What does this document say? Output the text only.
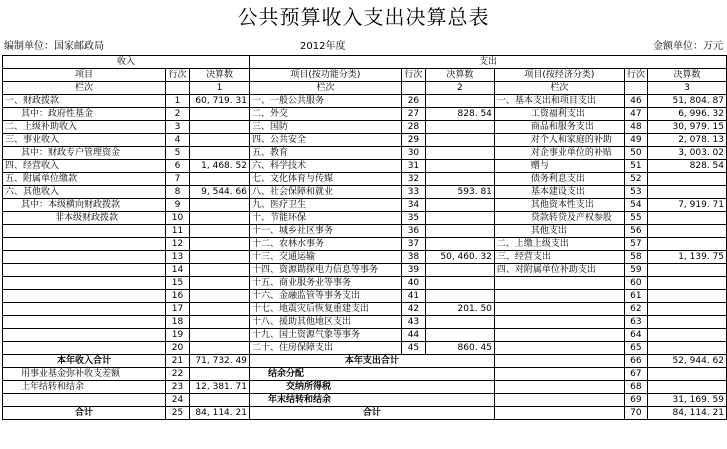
公共预算收入支出决算总表
编制单位：国家邮政局	2012年度	金额单位：万元
收入			支出					
项目	行次	决算数	项目(按功能分类)	行次	决算数	项目(按经济分类)	行次	决算数
栏次		1	栏次		2	栏次		3
一、财政拨款	1	60, 719. 31	一、一般公共服务	26		一、基本支出和项目支出	46	51, 804. 87
其中：政府性基金	2		二、外交	27	828. 54	工资福利支出	47	6, 996. 32
二、上级补助收入	3		三、国防	28		商品和服务支出	48	30, 979. 15
三、事业收入	4		四、公共安全	29		对个人和家庭的补助	49	2, 078. 13
其中：财政专户管理资金	5		五、教育	30		对企事业单位的补贴	50	3, 003. 02
四、经营收入	6	1, 468. 52	六、科学技术	31		赠与	51	828. 54
五、附属单位缴款	7		七、文化体育与传媒	32		债务利息支出	52	
六、其他收入	8	9, 544. 66	八、社会保障和就业	33	593. 81	基本建设支出	53	
其中：本级横向财政拨款	9		九、医疗卫生	34		其他资本性支出	54	7, 919. 71
非本级财政拨款	10		十、节能环保	35		贷款转贷及产权参股	55	
	11		十一、城乡社区事务	36		其他支出	56	
	12		十二、农林水事务	37		二、上缴上级支出	57	
	13		十三、交通运输	38	50, 460. 32	三、经营支出	58	1, 139. 75
	14		十四、资源勘探电力信息等事务	39		四、对附属单位补助支出	59	
	15		十五、商业服务业等事务	40			60	
	16		十六、金融监管等事务支出	41			61	
	17		十七、地震灾后恢复重建支出	42	201. 50		62	
	18		十八、援助其他地区支出	43			63	
	19		十九、国土资源气象等事务	44			64	
	20		二十、住房保障支出	45	860. 45		65	
本年收入合计	21	71, 732. 49	本年支出合计				66	52, 944. 62
用事业基金弥补收支差额	22		结余分配				67	
上年结转和结余	23	12, 381. 71	交纳所得税				68	
	24		年末结转和结余				69	31, 169. 59
合计	25	84, 114. 21	合计				70	84, 114. 21
